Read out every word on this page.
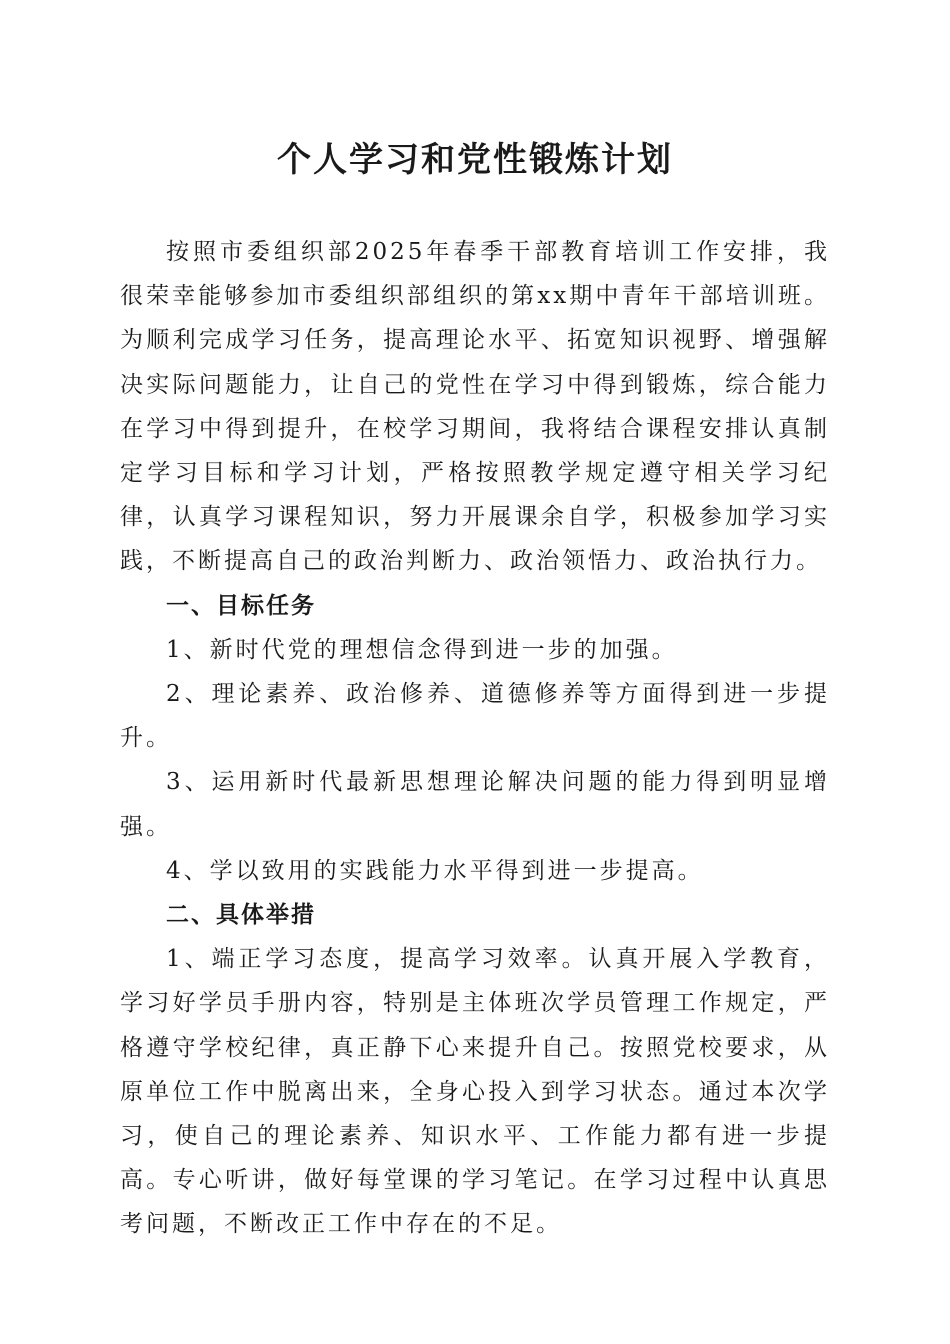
个人学习和党性锻炼计划

按照市委组织部2025年春季干部教育培训工作安排，我很荣幸能够参加市委组织部组织的第xx期中青年干部培训班。为顺利完成学习任务，提高理论水平、拓宽知识视野、增强解决实际问题能力，让自己的党性在学习中得到锻炼，综合能力在学习中得到提升，在校学习期间，我将结合课程安排认真制定学习目标和学习计划，严格按照教学规定遵守相关学习纪律，认真学习课程知识，努力开展课余自学，积极参加学习实践，不断提高自己的政治判断力、政治领悟力、政治执行力。

一、目标任务

1、新时代党的理想信念得到进一步的加强。

2、理论素养、政治修养、道德修养等方面得到进一步提升。

3、运用新时代最新思想理论解决问题的能力得到明显增强。

4、学以致用的实践能力水平得到进一步提高。

二、具体举措

1、端正学习态度，提高学习效率。认真开展入学教育，学习好学员手册内容，特别是主体班次学员管理工作规定，严格遵守学校纪律，真正静下心来提升自己。按照党校要求，从原单位工作中脱离出来，全身心投入到学习状态。通过本次学习，使自己的理论素养、知识水平、工作能力都有进一步提高。专心听讲，做好每堂课的学习笔记。在学习过程中认真思考问题，不断改正工作中存在的不足。
